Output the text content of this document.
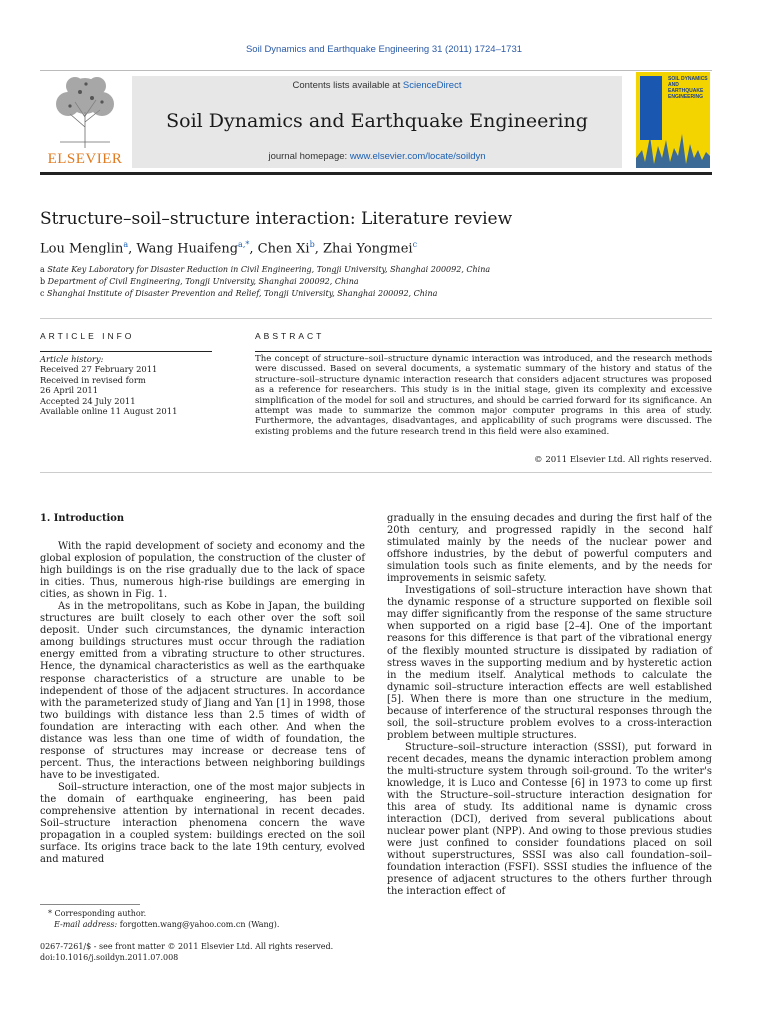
Soil Dynamics and Earthquake Engineering 31 (2011) 1724–1731
ELSEVIER
Contents lists available at ScienceDirect
Soil Dynamics and Earthquake Engineering
journal homepage: www.elsevier.com/locate/soildyn
SOIL DYNAMICS AND EARTHQUAKE ENGINEERING
Structure–soil–structure interaction: Literature review
Lou Menglin$^a$, Wang Huaifeng$^{a,*}$, Chen Xi$^b$, Zhai Yongmei$^c$
a State Key Laboratory for Disaster Reduction in Civil Engineering, Tongji University, Shanghai 200092, China
b Department of Civil Engineering, Tongji University, Shanghai 200092, China
c Shanghai Institute of Disaster Prevention and Relief, Tongji University, Shanghai 200092, China
ARTICLE INFO	ABSTRACT
Article history:
Received 27 February 2011
Received in revised form
26 April 2011
Accepted 24 July 2011
Available online 11 August 2011
The concept of structure–soil–structure dynamic interaction was introduced, and the research methods were discussed. Based on several documents, a systematic summary of the history and status of the structure–soil–structure dynamic interaction research that considers adjacent structures was proposed as a reference for researchers. This study is in the initial stage, given its complexity and excessive simplification of the model for soil and structures, and should be carried forward for its significance. An attempt was made to summarize the common major computer programs in this area of study. Furthermore, the advantages, disadvantages, and applicability of such programs were discussed. The existing problems and the future research trend in this field were also examined.
© 2011 Elsevier Ltd. All rights reserved.
1. Introduction

With the rapid development of society and economy and the global explosion of population, the construction of the cluster of high buildings is on the rise gradually due to the lack of space in cities. Thus, numerous high-rise buildings are emerging in cities, as shown in Fig. 1.

As in the metropolitans, such as Kobe in Japan, the building structures are built closely to each other over the soft soil deposit. Under such circumstances, the dynamic interaction among buildings structures must occur through the radiation energy emitted from a vibrating structure to other structures. Hence, the dynamical characteristics as well as the earthquake response characteristics of a structure are unable to be independent of those of the adjacent structures. In accordance with the parameterized study of Jiang and Yan [1] in 1998, those two buildings with distance less than 2.5 times of width of foundation are interacting with each other. And when the distance was less than one time of width of foundation, the response of structures may increase or decrease tens of percent. Thus, the interactions between neighboring buildings have to be investigated.

Soil–structure interaction, one of the most major subjects in the domain of earthquake engineering, has been paid comprehensive attention by international in recent decades. Soil–structure interaction phenomena concern the wave propagation in a coupled system: buildings erected on the soil surface. Its origins trace back to the late 19th century, evolved and matured

gradually in the ensuing decades and during the first half of the 20th century, and progressed rapidly in the second half stimulated mainly by the needs of the nuclear power and offshore industries, by the debut of powerful computers and simulation tools such as finite elements, and by the needs for improvements in seismic safety.

Investigations of soil–structure interaction have shown that the dynamic response of a structure supported on flexible soil may differ significantly from the response of the same structure when supported on a rigid base [2–4]. One of the important reasons for this difference is that part of the vibrational energy of the flexibly mounted structure is dissipated by radiation of stress waves in the supporting medium and by hysteretic action in the medium itself. Analytical methods to calculate the dynamic soil–structure interaction effects are well established [5]. When there is more than one structure in the medium, because of interference of the structural responses through the soil, the soil–structure problem evolves to a cross-interaction problem between multiple structures.

Structure–soil–structure interaction (SSSI), put forward in recent decades, means the dynamic interaction problem among the multi-structure system through soil-ground. To the writer's knowledge, it is Luco and Contesse [6] in 1973 to come up first with the Structure–soil–structure interaction designation for this area of study. Its additional name is dynamic cross interaction (DCI), derived from several publications about nuclear power plant (NPP). And owing to those previous studies were just confined to consider foundations placed on soil without superstructures, SSSI was also call foundation–soil–foundation interaction (FSFI). SSSI studies the influence of the presence of adjacent structures to the others further through the interaction effect of

* Corresponding author.
E-mail address: forgotten.wang@yahoo.com.cn (Wang).
0267-7261/$ - see front matter © 2011 Elsevier Ltd. All rights reserved.
doi:10.1016/j.soildyn.2011.07.008
